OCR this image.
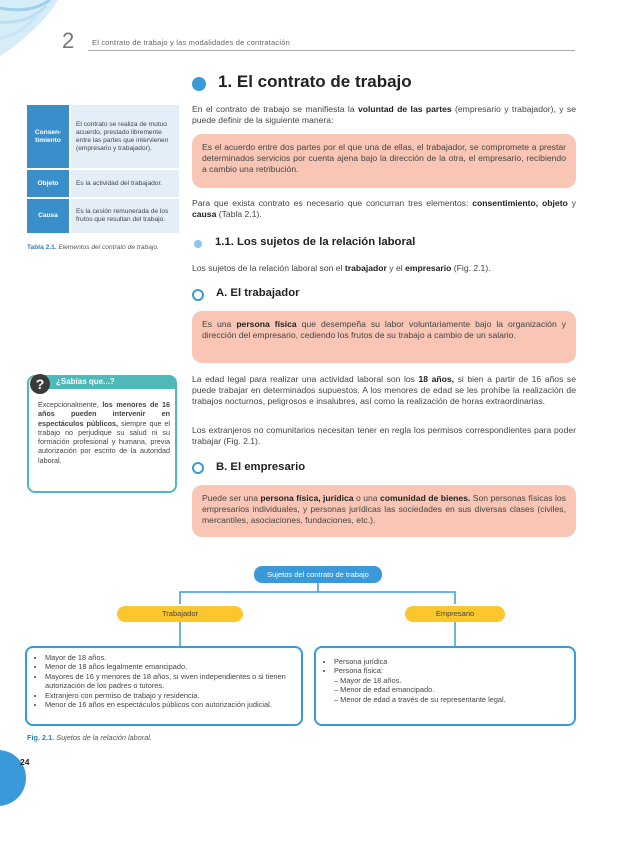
2 El contrato de trabajo y las modalidades de contratación
1. El contrato de trabajo
En el contrato de trabajo se manifiesta la voluntad de las partes (empresario y trabajador), y se puede definir de la siguiente manera:
Es el acuerdo entre dos partes por el que una de ellas, el trabajador, se compromete a prestar determinados servicios por cuenta ajena bajo la dirección de la otra, el empresario, recibiendo a cambio una retribución.
Para que exista contrato es necesario que concurran tres elementos: consentimiento, objeto y causa (Tabla 2.1).
Consen-timiento	El contrato se realiza de mutuo acuerdo, prestado libremente entre las partes que intervienen (empresario y trabajador).
Objeto	Es la actividad del trabajador.
Causa	Es la cesión remunerada de los frutos que resultan del trabajo.
Tabla 2.1. Elementos del contrato de trabajo.	1.1. Los sujetos de la relación laboral
Los sujetos de la relación laboral son el trabajador y el empresario (Fig. 2.1).
A. El trabajador
Es una persona física que desempeña su labor voluntariamente bajo la organización y dirección del empresario, cediendo los frutos de su trabajo a cambio de un salario.
La edad legal para realizar una actividad laboral son los 18 años, si bien a partir de 16 años se puede trabajar en determinados supuestos. A los menores de edad se les prohíbe la realización de trabajos nocturnos, peligrosos e insalubres, así como la realización de horas extraordinarias.
Los extranjeros no comunitarios necesitan tener en regla los permisos correspondientes para poder trabajar (Fig. 2.1).
B. El empresario
Puede ser una persona física, jurídica o una comunidad de bienes. Son personas físicas los empresarios individuales, y personas jurídicas las sociedades en sus diversas clases (civiles, mercantiles, asociaciones, fundaciones, etc.).
?	¿Sabías que...?
Excepcionalmente, los menores de 16 años pueden intervenir en espectáculos públicos, siempre que el trabajo no perjudique su salud ni su formación profesional y humana, previa autorización por escrito de la autoridad laboral.
Sujetos del contrato de trabajo
Trabajador	Empresario
• Mayor de 18 años.
• Menor de 18 años legalmente emancipado.
• Mayores de 16 y menores de 18 años, si viven independientes o si tienen autorización de los padres o tutores.
• Extranjero con permiso de trabajo y residencia.
• Menor de 16 años en espectáculos públicos con autorización judicial.
• Persona jurídica
• Persona física:
– Mayor de 18 años.
– Menor de edad emancipado.
– Menor de edad a través de su representante legal.
Fig. 2.1. Sujetos de la relación laboral.
24
